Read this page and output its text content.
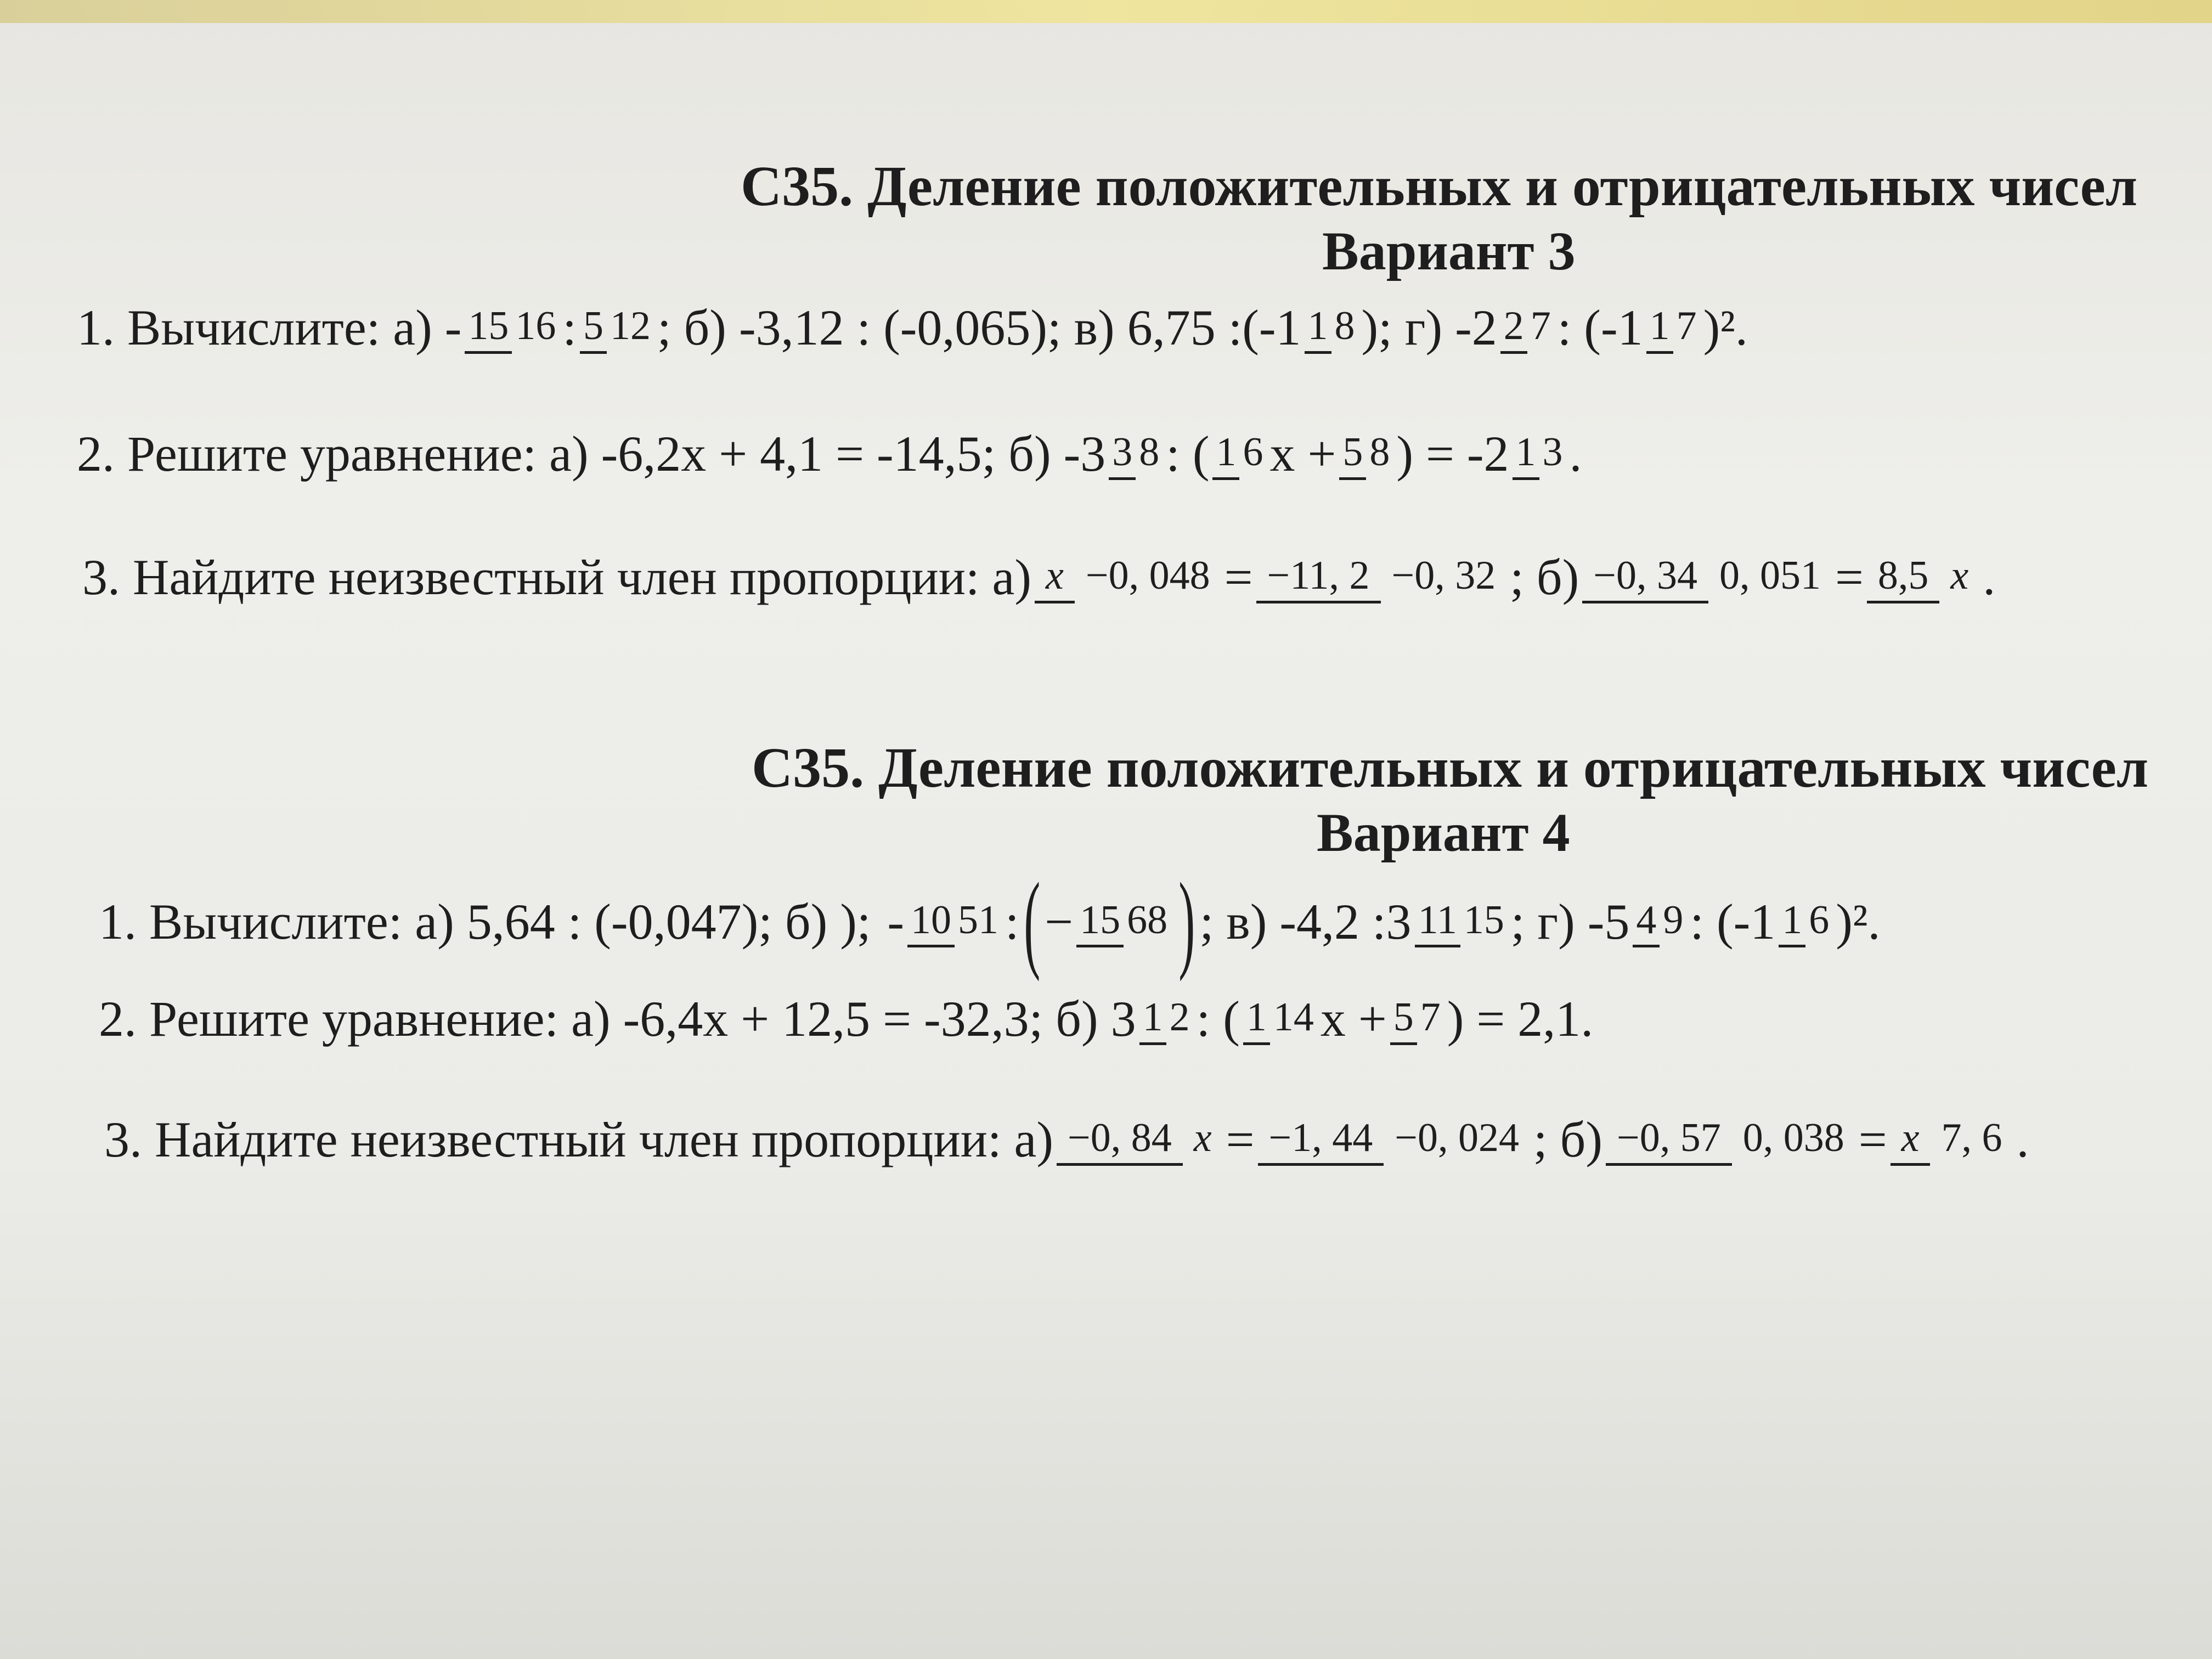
С35. Деление положительных и отрицательных чисел
Вариант 3
1. Вычислите: а) - 15 16 : 5 12 ; б) -3,12 : (-0,065); в) 6,75 :(-1 1 8 ); г) -2 2 7 : (-1 1 7 )².
2. Решите уравнение: а) -6,2x + 4,1 = -14,5; б) -3 3 8 : ( 1 6 x + 5 8 ) = -2 1 3 .
3. Найдите неизвестный член пропорции: а) x −0, 048 = −11, 2 −0, 32 ; б) −0, 34 0, 051 = 8,5 x .
С35. Деление положительных и отрицательных чисел
Вариант 4
1. Вычислите: а) 5,64 : (-0,047); б) ); - 10 51 : ( − 15 68 ) ; в) -4,2 :3 11 15 ; г) -5 4 9 : (-1 1 6 )².
2. Решите уравнение: а) -6,4x + 12,5 = -32,3; б) 3 1 2 : ( 1 14 x + 5 7 ) = 2,1.
3. Найдите неизвестный член пропорции: а) −0, 84 x = −1, 44 −0, 024 ; б) −0, 57 0, 038 = x 7, 6 .
